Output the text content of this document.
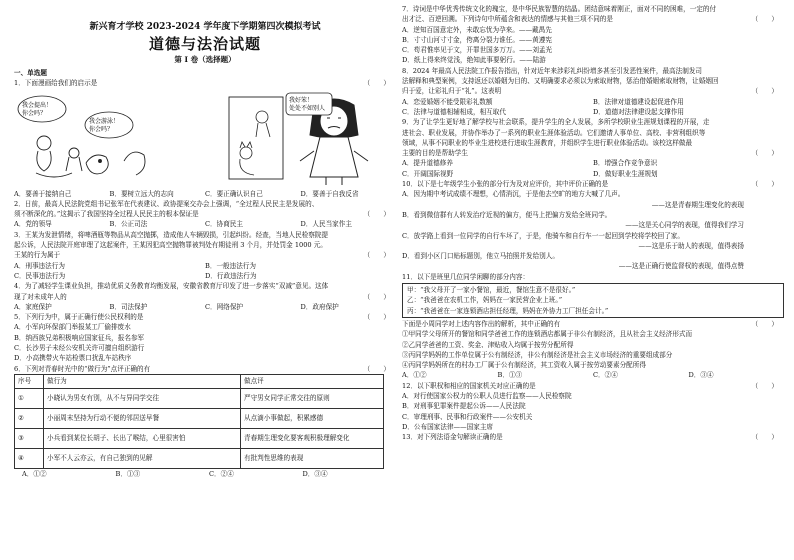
新兴育才学校 2023-2024 学年度下学期第四次模拟考试
道德与法治试题
第 I 卷（选择题）
一、单选题
1．下面漫画给我们的启示是	（　　）
我会提出！你会吗？
我会游泳！你会吗？
我好笨！处处不如别人
A．要善于接纳自己	B．要树立远大的志向	C．要正确认识自己	D．要善于自我反省
2．日前，最高人民法院党组书记张军在代表建议、政协提案交办会上强调，“全过程人民民主是发展的、
须不断深化的。”这揭示了我国坚持全过程人民民主的根本保证是	（　　）
A．党的领导	B．公正司法	C．协商民主	D．人民当家作主
3．王某为发泄情绪，将啤酒瓶等物品从高空抛掷，造成他人车辆毁损，引起纠纷。经查，当地人民检察院提
起公诉，人民法院开庭审理了这起案件，王某因犯高空抛物罪被判处有期徒刑 3 个月，并处罚金 1000 元。
王某的行为属于	（　　）
A．刑事违法行为	B．一般违法行为
C．民事违法行为	D．行政违法行为
4．为了减轻学生课业负担，推动优质义务教育均衡发展，安徽省教育厅印发了进一步落实“双减”意见。这体
现了对未成年人的	（　　）
A．家庭保护	B．司法保护	C．网络保护	D．政府保护
5．下列行为中，属于正确行使公民权利的是	（　　）
A．小军向环保部门举报某工厂偷排废水
B．纳西族兄弟积极响应国家征兵，报名参军
C．长沙男子未经公安机关许可擅自组织游行
D．小高携带火车站检票口扰乱车站秩序
6．下列对青春时光中的“做行为”点评正确的有	（　　）
序号	做行为	做点评
①	小晓认为男女有别，从不与异同学交往	严守男女同学正常交往的原则
②	小丽周末坚持为行动不便的邻居送早餐	从点滴小事做起，积累感德
③	小兵看到某位长胡子、长出了喉结，心里很害怕	青春期生理变化要客观积极理解变化
④	小军不人云亦云，有自己独到的见解	有批判性思维的表现
A．①②	B．①③	C．②④	D．③④
7．诗词是中华优秀传统文化的瑰宝，是中华民族智慧的结晶。团结意味着刚正，面对不同的困难，一定的付
出才泛、百逆回溯。下列诗句中所蕴含和表达的情感与其他三项不同的是	（　　）
A．逆知百国意定外，未敢忘忧为孕来。——戴禺先
B．寸寸山河寸寸金，侉离分裂力谁任。——黄遵宪
C．苟君惟率见于文，开罪世国多万万。——刘孟光
D．纸上得来终觉浅，绝知此事要躬行。——陆游
8．2024 年最高人民法院工作报告指出，针对近年来涉彩礼纠纷增多甚至引发恶性案件，最高法制发司
法解释和典型案例，支持返还以婚姻为目的、又明确要求必须以为索取财物，惩治借婚姻索取财物，让婚姻回
归于爱，让彩礼归于“礼”。这表明	（　　）
A．恋爱婚姻不能受限彩礼数额	B．法律对道德建设起促进作用
C．法律与道德相辅相成，相互取代	D．道德对法律建设起支撑作用
9．为了让学生更好地了解学校与社会联系，提升学生的全人发展，多所学校职业生涯规划课程的开展，走
进社会、职业发展，并协作举办了一系列的职业生涯体验活动。它们邀请人事单位、高校、非营利组织等
领域，从事不同职业的毕业生进校进行进取生涯教育，并组织学生进行职业体验活动。该校这样做最
主要的目的是帮助学生	（　　）
A．提升道德修养	B．增强合作竞争意识
C．开阔国际视野	D．做好职业生涯规划
10．以下是七年级学生小张的部分行为及对应评价，其中评价正确的是	（　　）
A．因为期中考试成绩不理想，心情消沉，于是他去空旷的地方大喊了几声。
——这是青春期生理变化的表现
B．看到微信群有人转发治疗近视的偏方，便马上把偏方发给全班同学。
——这是关心同学的表现，值得我们学习
C．放学路上看到一位同学的自行车坏了，于是，他骑车和自行车一一起回到学校将学校回了家。
——这是乐于助人的表现，值得表扬
D．看到小区门口贴标题别，他立马拍照并发给别人。
——这是正确行使监督权的表现，值得点赞
11．以下是班里几位同学闲聊的部分内容：
甲：“我父母开了一家小餐馆，最近，餐馆生意不是很好。”
乙：“我爸爸在农机工作，妈妈在一家民营企业上班。”
丙：“我爸爸在一家连锁酒店担任经理，妈妈在外协力工厂担任会计。”
下面是小周同学对上述内容作出的解析，其中正确的有	（　　）
①甲同学父母所开的餐馆和同学爸爸工作的连锁酒店都属于非公有制经济，且从社会主义经济形式而
②乙同学爸爸的工资、奖金、津贴收入均属于按劳分配所得
③丙同学妈妈的工作单位属于公有制经济，非公有制经济是社会主义市场经济的重要组成部分
④丙同学妈妈所在的村办工厂属于公有制经济，其工资收入属于按劳动要素分配所得
A．①②	B．①③	C．②④	D．③④
12．以下职权和相应的国家机关对应正确的是	（　　）
A．对行使国家公权力的公职人员进行监察——人民检察院
B．对刑事犯罪案件提起公诉——人民法院
C．审理刑事、民事和行政案件——公安机关
D．公布国家法律——国家主席
13．对下列法语金句解读正确的是	（　　）
